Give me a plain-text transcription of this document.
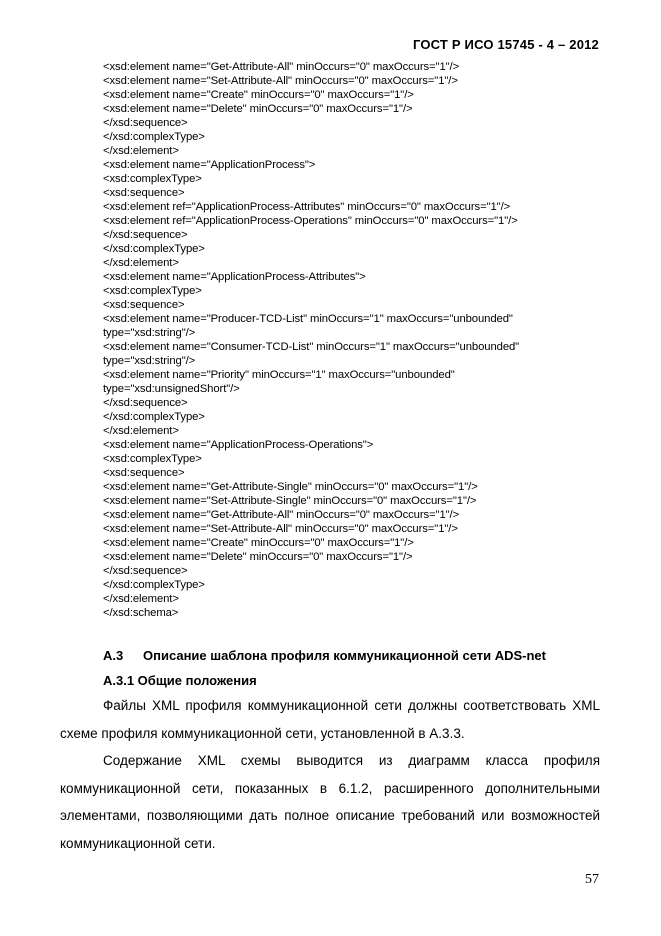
ГОСТ Р ИСО 15745 - 4 – 2012
<xsd:element name="Get-Attribute-All" minOccurs="0" maxOccurs="1"/>
<xsd:element name="Set-Attribute-All" minOccurs="0" maxOccurs="1"/>
<xsd:element name="Create" minOccurs="0" maxOccurs="1"/>
<xsd:element name="Delete" minOccurs="0" maxOccurs="1"/>
</xsd:sequence>
</xsd:complexType>
</xsd:element>
<xsd:element name="ApplicationProcess">
<xsd:complexType>
<xsd:sequence>
<xsd:element ref="ApplicationProcess-Attributes" minOccurs="0" maxOccurs="1"/>
<xsd:element ref="ApplicationProcess-Operations" minOccurs="0" maxOccurs="1"/>
</xsd:sequence>
</xsd:complexType>
</xsd:element>
<xsd:element name="ApplicationProcess-Attributes">
<xsd:complexType>
<xsd:sequence>
<xsd:element name="Producer-TCD-List" minOccurs="1" maxOccurs="unbounded"
type="xsd:string"/>
<xsd:element name="Consumer-TCD-List" minOccurs="1" maxOccurs="unbounded"
type="xsd:string"/>
<xsd:element name="Priority" minOccurs="1" maxOccurs="unbounded"
type="xsd:unsignedShort"/>
</xsd:sequence>
</xsd:complexType>
</xsd:element>
<xsd:element name="ApplicationProcess-Operations">
<xsd:complexType>
<xsd:sequence>
<xsd:element name="Get-Attribute-Single" minOccurs="0" maxOccurs="1"/>
<xsd:element name="Set-Attribute-Single" minOccurs="0" maxOccurs="1"/>
<xsd:element name="Get-Attribute-All" minOccurs="0" maxOccurs="1"/>
<xsd:element name="Set-Attribute-All" minOccurs="0" maxOccurs="1"/>
<xsd:element name="Create" minOccurs="0" maxOccurs="1"/>
<xsd:element name="Delete" minOccurs="0" maxOccurs="1"/>
</xsd:sequence>
</xsd:complexType>
</xsd:element>
</xsd:schema>
А.3 Описание шаблона профиля коммуникационной сети ADS-net
А.3.1 Общие положения

Файлы XML профиля коммуникационной сети должны соответствовать XML схеме профиля коммуникационной сети, установленной в А.3.3.

Содержание XML схемы выводится из диаграмм класса профиля коммуникационной сети, показанных в 6.1.2, расширенного дополнительными элементами, позволяющими дать полное описание требований или возможностей коммуникационной сети.

57
